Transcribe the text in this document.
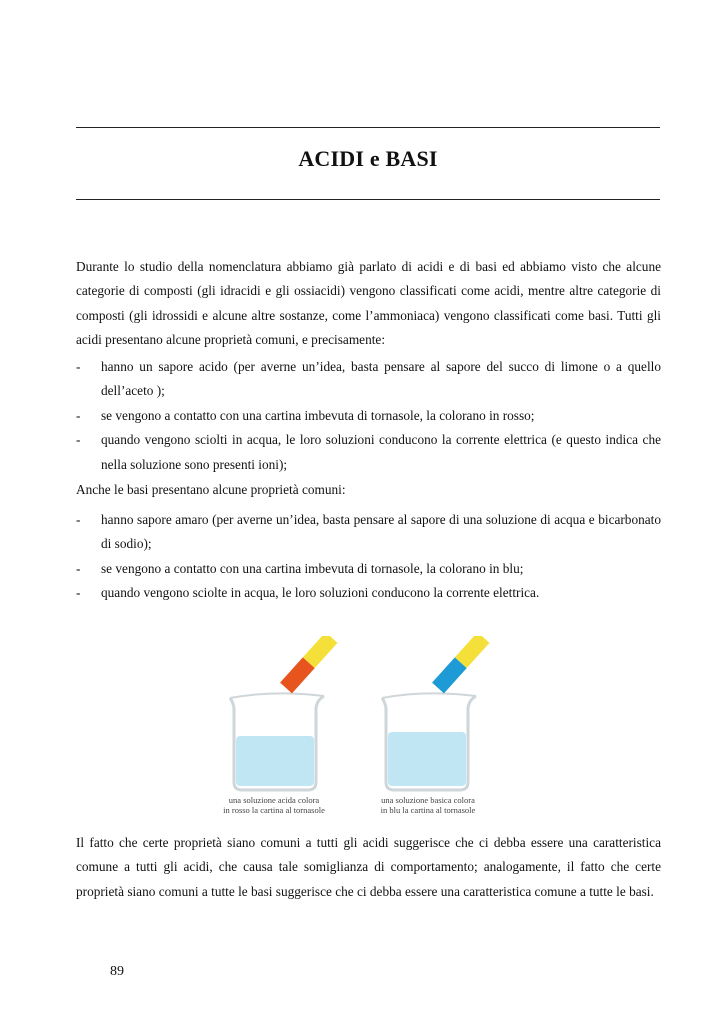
ACIDI e BASI

Durante lo studio della nomenclatura abbiamo già parlato di acidi e di basi ed abbiamo visto che alcune categorie di composti (gli idracidi e gli ossiacidi) vengono classificati come acidi, mentre altre categorie di composti (gli idrossidi e alcune altre sostanze, come l’ammoniaca) vengono classificati come basi. Tutti gli acidi presentano alcune proprietà comuni, e precisamente:

- hanno un sapore acido (per averne un’idea, basta pensare al sapore del succo di limone o a quello dell’aceto );
- se vengono a contatto con una cartina imbevuta di tornasole, la colorano in rosso;
- quando vengono sciolti in acqua, le loro soluzioni conducono la corrente elettrica (e questo indica che nella soluzione sono presenti ioni);

Anche le basi presentano alcune proprietà comuni:

- hanno sapore amaro (per averne un’idea, basta pensare al sapore di una soluzione di acqua e bicarbonato di sodio);
- se vengono a contatto con una cartina imbevuta di tornasole, la colorano in blu;
- quando vengono sciolte in acqua, le loro soluzioni conducono la corrente elettrica.
una soluzione acida colora
in rosso la cartina al tornasole
una soluzione basica colora
in blu la cartina al tornasole

Il fatto che certe proprietà siano comuni a tutti gli acidi suggerisce che ci debba essere una caratteristica comune a tutti gli acidi, che causa tale somiglianza di comportamento; analogamente, il fatto che certe proprietà siano comuni a tutte le basi suggerisce che ci debba essere una caratteristica comune a tutte le basi.

89
